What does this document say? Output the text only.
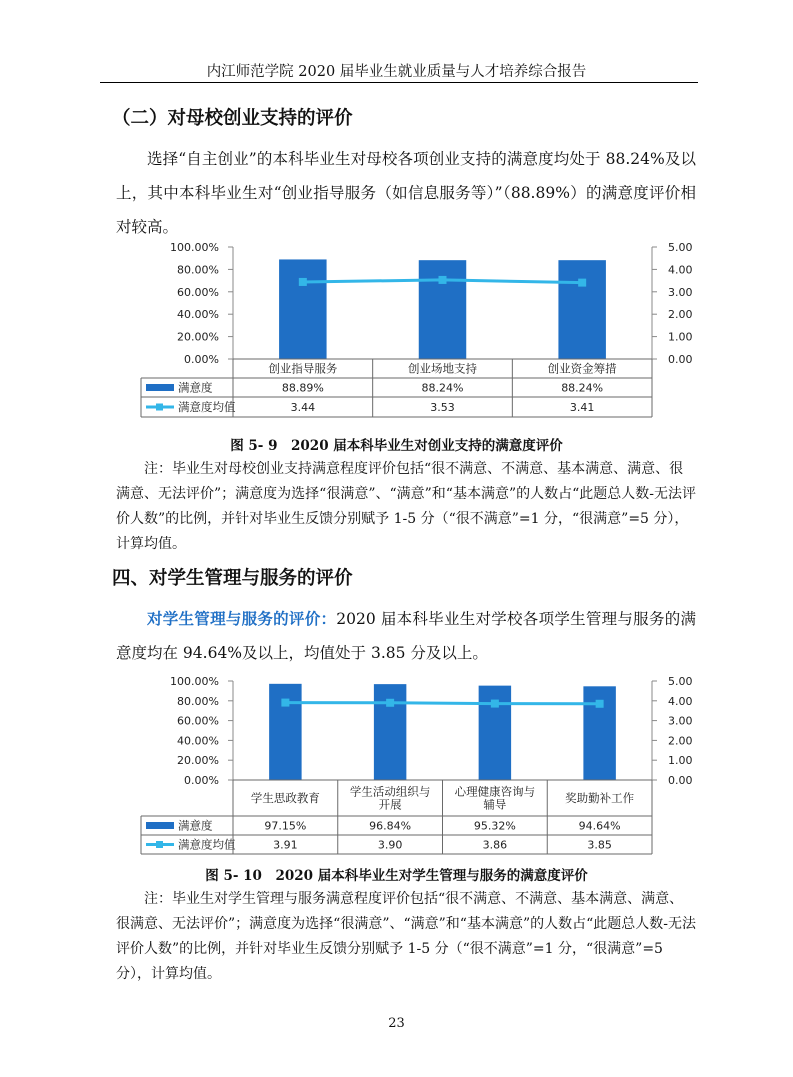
内江师范学院 2020 届毕业生就业质量与人才培养综合报告
（二）对母校创业支持的评价
选择“自主创业”的本科毕业生对母校各项创业支持的满意度均处于 88.24%及以上，其中本科毕业生对“创业指导服务（如信息服务等）”（88.89%）的满意度评价相对较高。
0.00%
20.00%
40.00%
60.00%
80.00%
100.00%
0.00
1.00
2.00
3.00
4.00
5.00
创业指导服务	创业场地支持	创业资金筹措
满意度
满意度均值
88.89%	88.24%	88.24%
3.44	3.53	3.41
图 5- 9　2020 届本科毕业生对创业支持的满意度评价
注：毕业生对母校创业支持满意程度评价包括“很不满意、不满意、基本满意、满意、很满意、无法评价”；满意度为选择“很满意”、“满意”和“基本满意”的人数占“此题总人数-无法评价人数”的比例，并针对毕业生反馈分别赋予 1-5 分（“很不满意”=1 分，“很满意”=5 分），计算均值。
四、对学生管理与服务的评价
对学生管理与服务的评价：2020 届本科毕业生对学校各项学生管理与服务的满意度均在 94.64%及以上，均值处于 3.85 分及以上。
0.00%
20.00%
40.00%
60.00%
80.00%
100.00%
0.00
1.00
2.00
3.00
4.00
5.00
学生思政教育	学生活动组织与
开展
心理健康咨询与
辅导	奖助勤补工作
满意度
满意度均值
97.15%	96.84%	95.32%	94.64%
3.91	3.90	3.86	3.85
图 5- 10　2020 届本科毕业生对学生管理与服务的满意度评价
注：毕业生对学生管理与服务满意程度评价包括“很不满意、不满意、基本满意、满意、很满意、无法评价”；满意度为选择“很满意”、“满意”和“基本满意”的人数占“此题总人数-无法评价人数”的比例，并针对毕业生反馈分别赋予 1-5 分（“很不满意”=1 分，“很满意”=5 分），计算均值。
23
